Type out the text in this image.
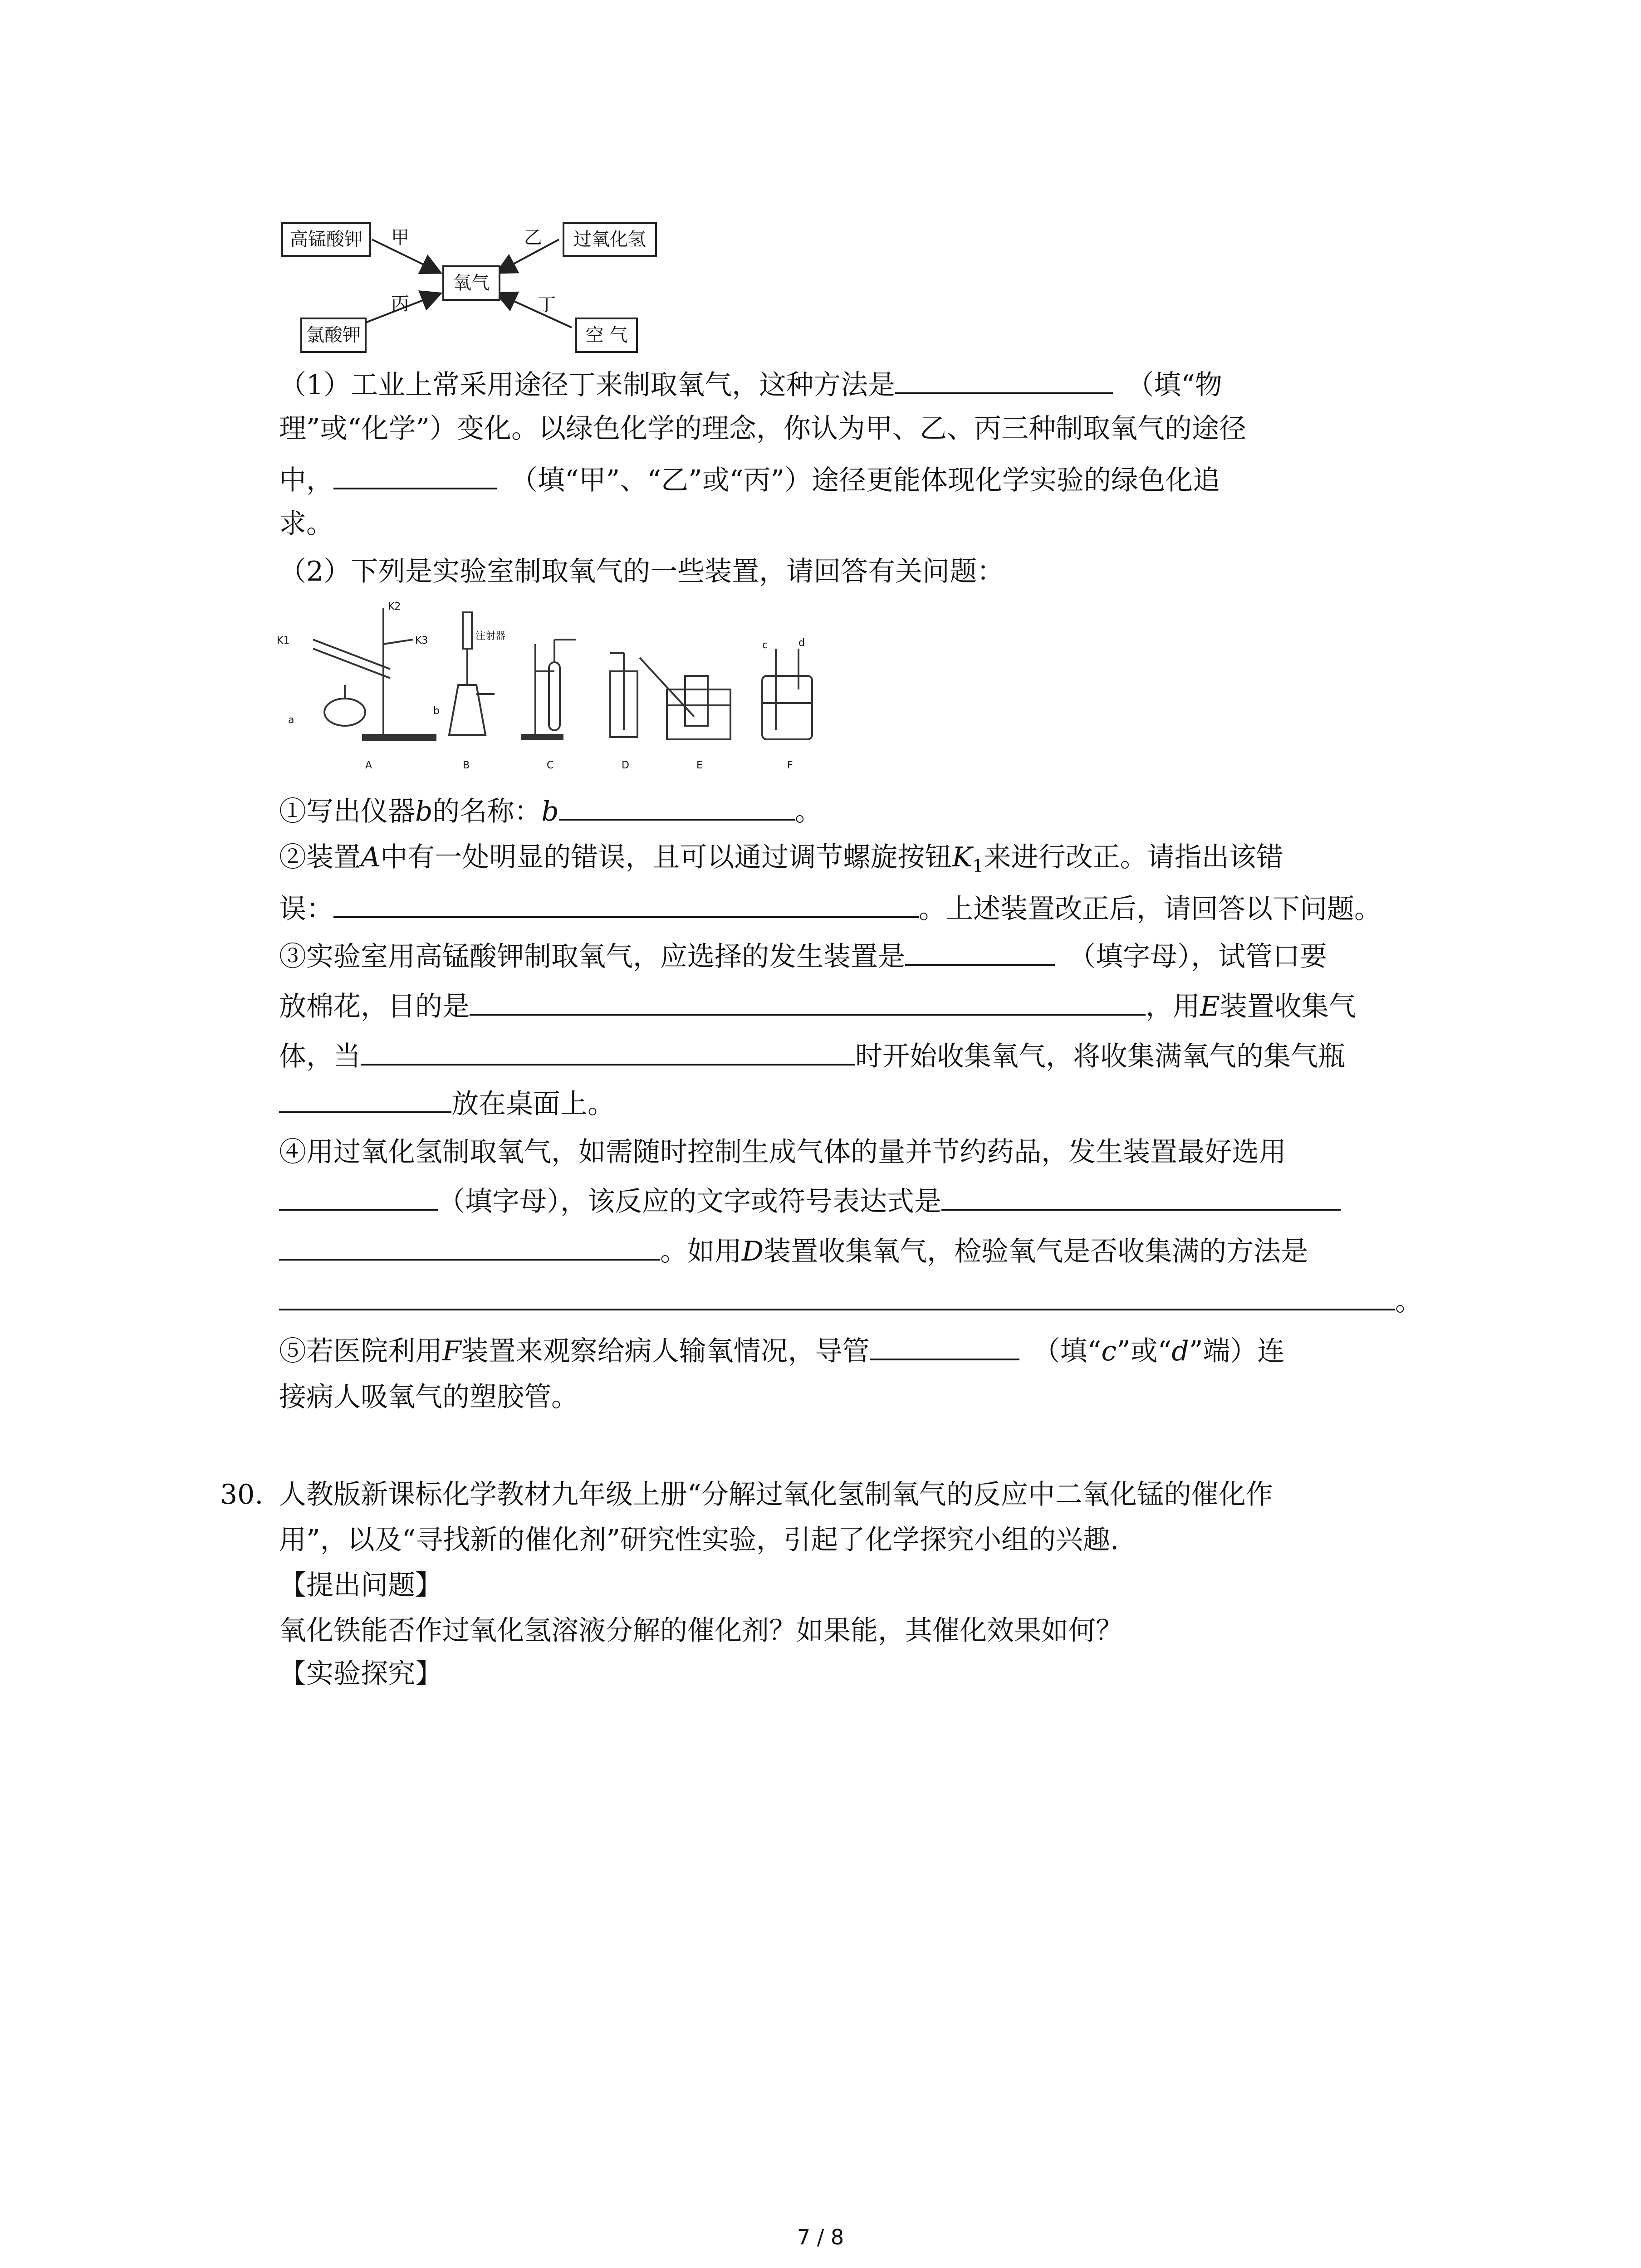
高锰酸钾	过氧化氢
氧气
氯酸钾	空 气
甲	乙
丙	丁
（1）工业上常采用途径丁来制取氧气，这种方法是	（填“物
理”或“化学”）变化。以绿色化学的理念，你认为甲、乙、丙三种制取氧气的途径
中，	（填“甲”、“乙”或“丙”）途径更能体现化学实验的绿色化追
求。
（2）下列是实验室制取氧气的一些装置，请回答有关问题：
K1
K2
K3
a
b
注射器
c	d
A	B	C	D	E	F
①写出仪器b的名称：b	。
②装置A中有一处明显的错误，且可以通过调节螺旋按钮$K_1$来进行改正。请指出该错
误：	。上述装置改正后，请回答以下问题。
③实验室用高锰酸钾制取氧气，应选择的发生装置是	（填字母），试管口要
放棉花，目的是	，用E装置收集气
体，当	时开始收集氧气，将收集满氧气的集气瓶
放在桌面上。
④用过氧化氢制取氧气，如需随时控制生成气体的量并节约药品，发生装置最好选用
（填字母），该反应的文字或符号表达式是
。如用D装置收集氧气，检验氧气是否收集满的方法是
。
⑤若医院利用F装置来观察给病人输氧情况，导管	（填“c”或“d”端）连
接病人吸氧气的塑胶管。
30. 人教版新课标化学教材九年级上册“分解过氧化氢制氧气的反应中二氧化锰的催化作
用”，以及“寻找新的催化剂”研究性实验，引起了化学探究小组的兴趣.
【提出问题】
氧化铁能否作过氧化氢溶液分解的催化剂？如果能，其催化效果如何？
【实验探究】
7 / 8
